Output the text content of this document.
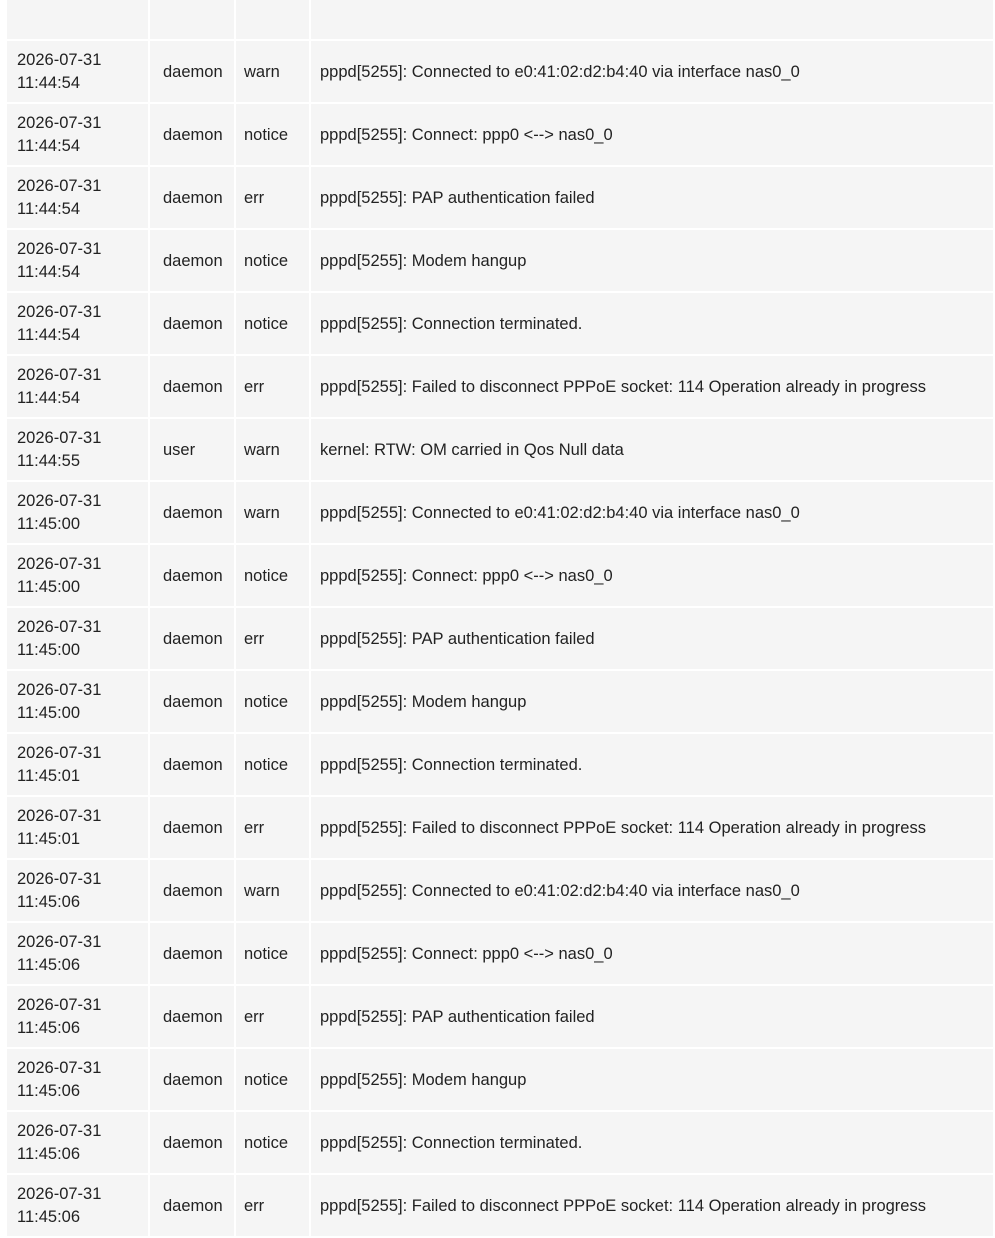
2026-07-31
11:44:54	daemon	warn	pppd[5255]: Connected to e0:41:02:d2:b4:40 via interface nas0_0

2026-07-31
11:44:54	daemon	notice	pppd[5255]: Connect: ppp0 <--> nas0_0

2026-07-31
11:44:54	daemon	err	pppd[5255]: PAP authentication failed

2026-07-31
11:44:54	daemon	notice	pppd[5255]: Modem hangup

2026-07-31
11:44:54	daemon	notice	pppd[5255]: Connection terminated.

2026-07-31
11:44:54	daemon	err	pppd[5255]: Failed to disconnect PPPoE socket: 114 Operation already in progress

2026-07-31
11:44:55	user	warn	kernel: RTW: OM carried in Qos Null data

2026-07-31
11:45:00	daemon	warn	pppd[5255]: Connected to e0:41:02:d2:b4:40 via interface nas0_0

2026-07-31
11:45:00	daemon	notice	pppd[5255]: Connect: ppp0 <--> nas0_0

2026-07-31
11:45:00	daemon	err	pppd[5255]: PAP authentication failed

2026-07-31
11:45:00	daemon	notice	pppd[5255]: Modem hangup

2026-07-31
11:45:01	daemon	notice	pppd[5255]: Connection terminated.

2026-07-31
11:45:01	daemon	err	pppd[5255]: Failed to disconnect PPPoE socket: 114 Operation already in progress

2026-07-31
11:45:06	daemon	warn	pppd[5255]: Connected to e0:41:02:d2:b4:40 via interface nas0_0

2026-07-31
11:45:06	daemon	notice	pppd[5255]: Connect: ppp0 <--> nas0_0

2026-07-31
11:45:06	daemon	err	pppd[5255]: PAP authentication failed

2026-07-31
11:45:06	daemon	notice	pppd[5255]: Modem hangup

2026-07-31
11:45:06	daemon	notice	pppd[5255]: Connection terminated.

2026-07-31
11:45:06	daemon	err	pppd[5255]: Failed to disconnect PPPoE socket: 114 Operation already in progress
